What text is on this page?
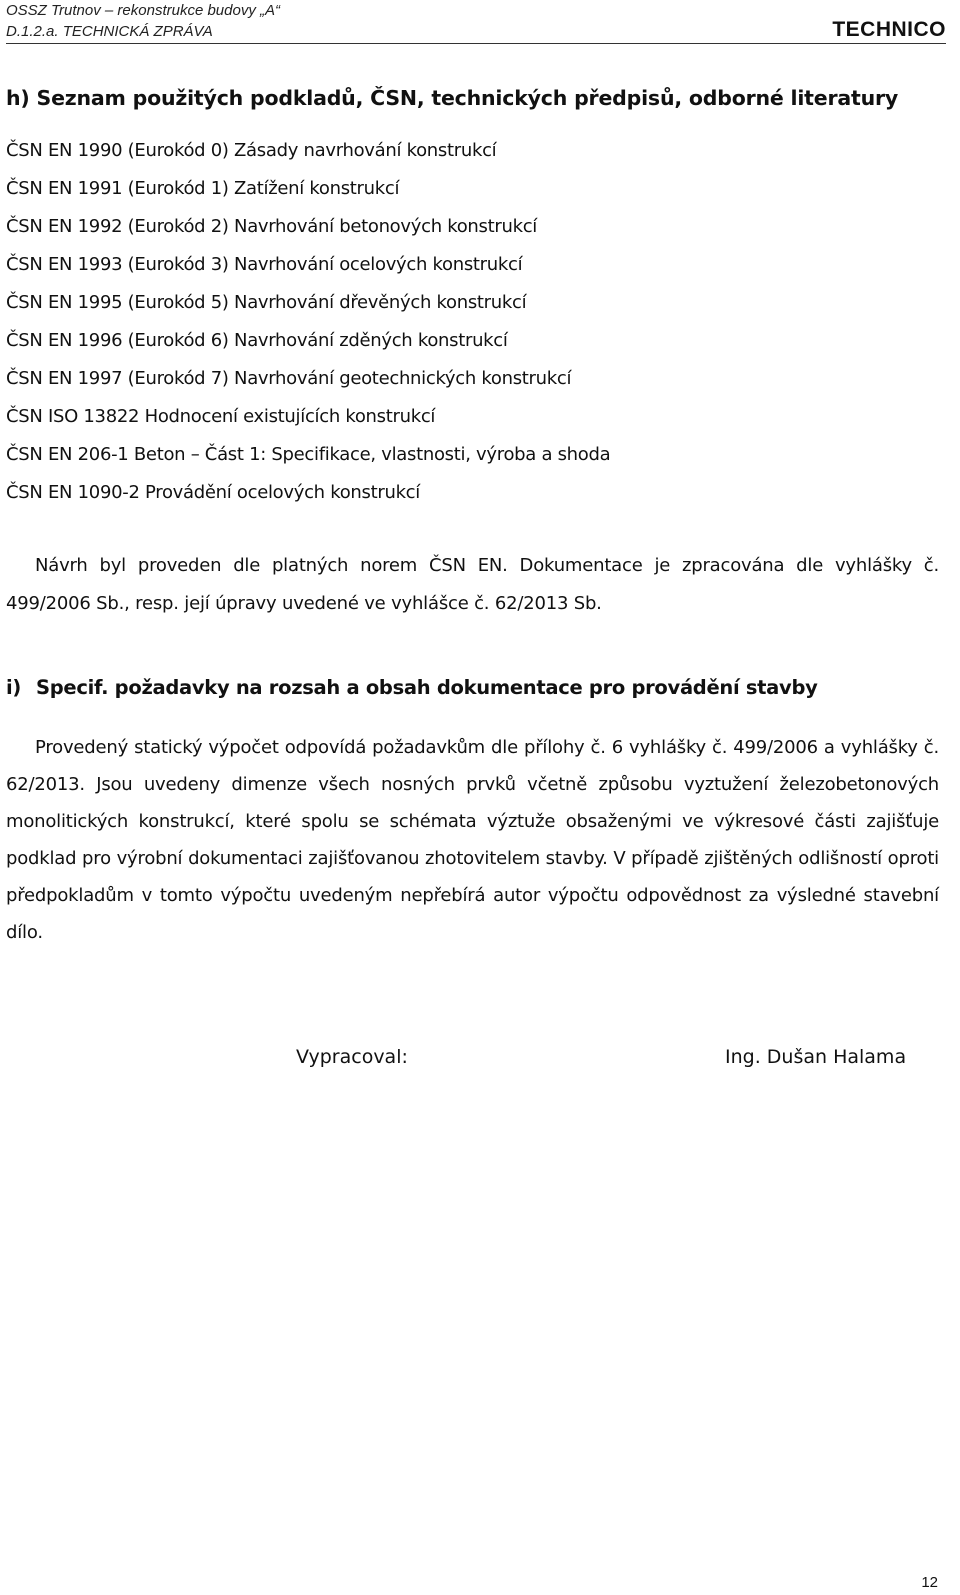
OSSZ Trutnov – rekonstrukce budovy „A“
D.1.2.a. TECHNICKÁ ZPRÁVA	TECHNICO
h) Seznam použitých podkladů, ČSN, technických předpisů, odborné literatury
ČSN EN 1990 (Eurokód 0) Zásady navrhování konstrukcí
ČSN EN 1991 (Eurokód 1) Zatížení konstrukcí
ČSN EN 1992 (Eurokód 2) Navrhování betonových konstrukcí
ČSN EN 1993 (Eurokód 3) Navrhování ocelových konstrukcí
ČSN EN 1995 (Eurokód 5) Navrhování dřevěných konstrukcí
ČSN EN 1996 (Eurokód 6) Navrhování zděných konstrukcí
ČSN EN 1997 (Eurokód 7) Navrhování geotechnických konstrukcí
ČSN ISO 13822 Hodnocení existujících konstrukcí
ČSN EN 206-1 Beton – Část 1: Specifikace, vlastnosti, výroba a shoda
ČSN EN 1090-2 Provádění ocelových konstrukcí

Návrh byl proveden dle platných norem ČSN EN. Dokumentace je zpracována dle vyhlášky č. 499/2006 Sb., resp. její úpravy uvedené ve vyhlášce č. 62/2013 Sb.

i) Specif. požadavky na rozsah a obsah dokumentace pro provádění stavby

Provedený statický výpočet odpovídá požadavkům dle přílohy č. 6 vyhlášky č. 499/2006 a vyhlášky č. 62/2013. Jsou uvedeny dimenze všech nosných prvků včetně způsobu vyztužení železobetonových monolitických konstrukcí, které spolu se schémata výztuže obsaženými ve výkresové části zajišťuje podklad pro výrobní dokumentaci zajišťovanou zhotovitelem stavby. V případě zjištěných odlišností oproti předpokladům v tomto výpočtu uvedeným nepřebírá autor výpočtu odpovědnost za výsledné stavební dílo.

Vypracoval:	Ing. Dušan Halama
12
